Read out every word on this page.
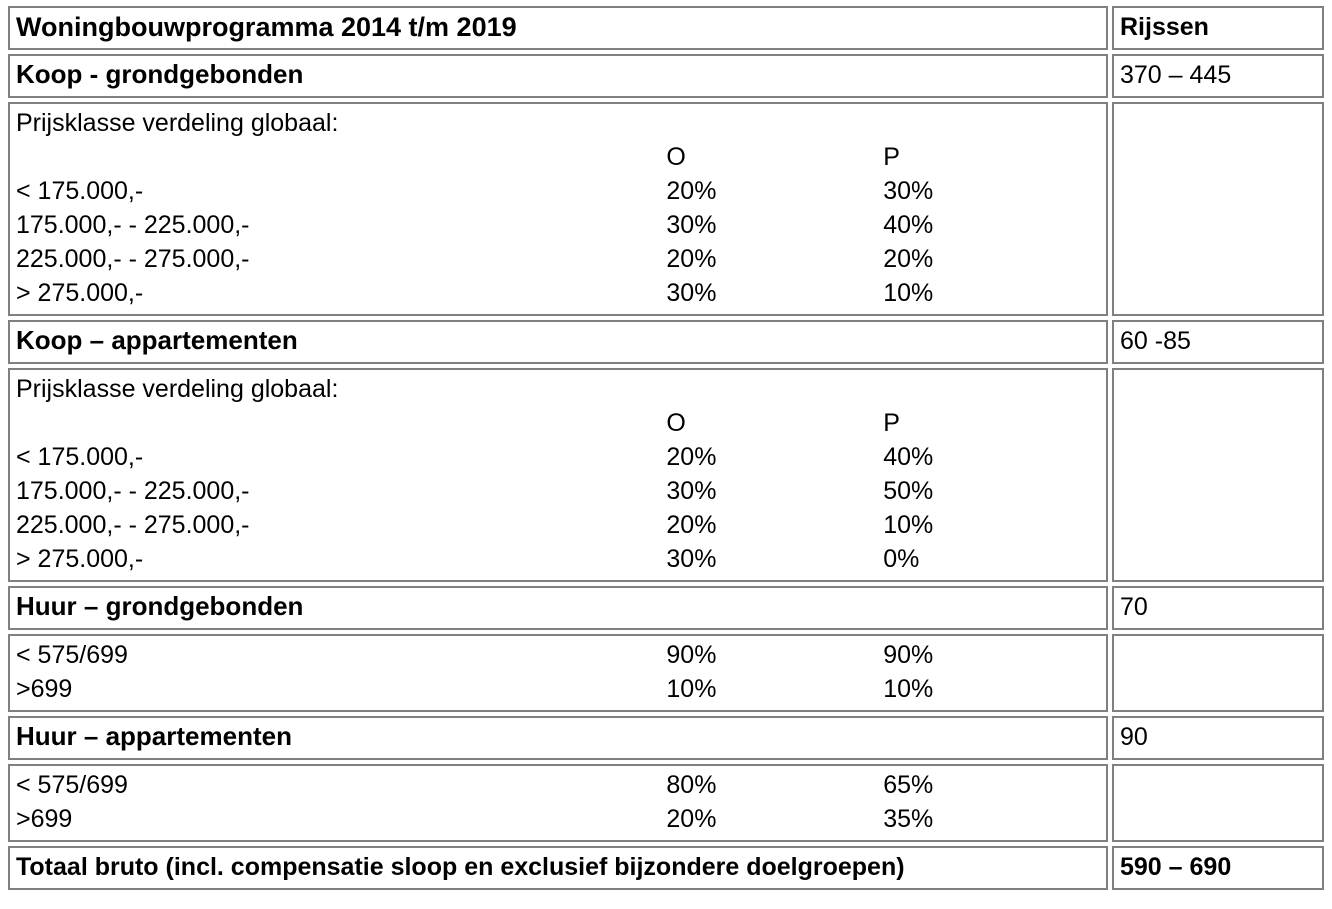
Woningbouwprogramma 2014 t/m 2019	Rijssen
Koop - grondgebonden	370 – 445
Prijsklasse verdeling globaal:
	O	P
< 175.000,-	20%	30%
175.000,- - 225.000,-	30%	40%
225.000,- - 275.000,-	20%	20%
> 275.000,-	30%	10%
Koop – appartementen	60 -85
Prijsklasse verdeling globaal:
	O	P
< 175.000,-	20%	40%
175.000,- - 225.000,-	30%	50%
225.000,- - 275.000,-	20%	10%
> 275.000,-	30%	0%
Huur – grondgebonden	70
< 575/699	90%	90%
>699	10%	10%
Huur – appartementen	90
< 575/699	80%	65%
>699	20%	35%
Totaal bruto (incl. compensatie sloop en exclusief bijzondere doelgroepen)	590 – 690
